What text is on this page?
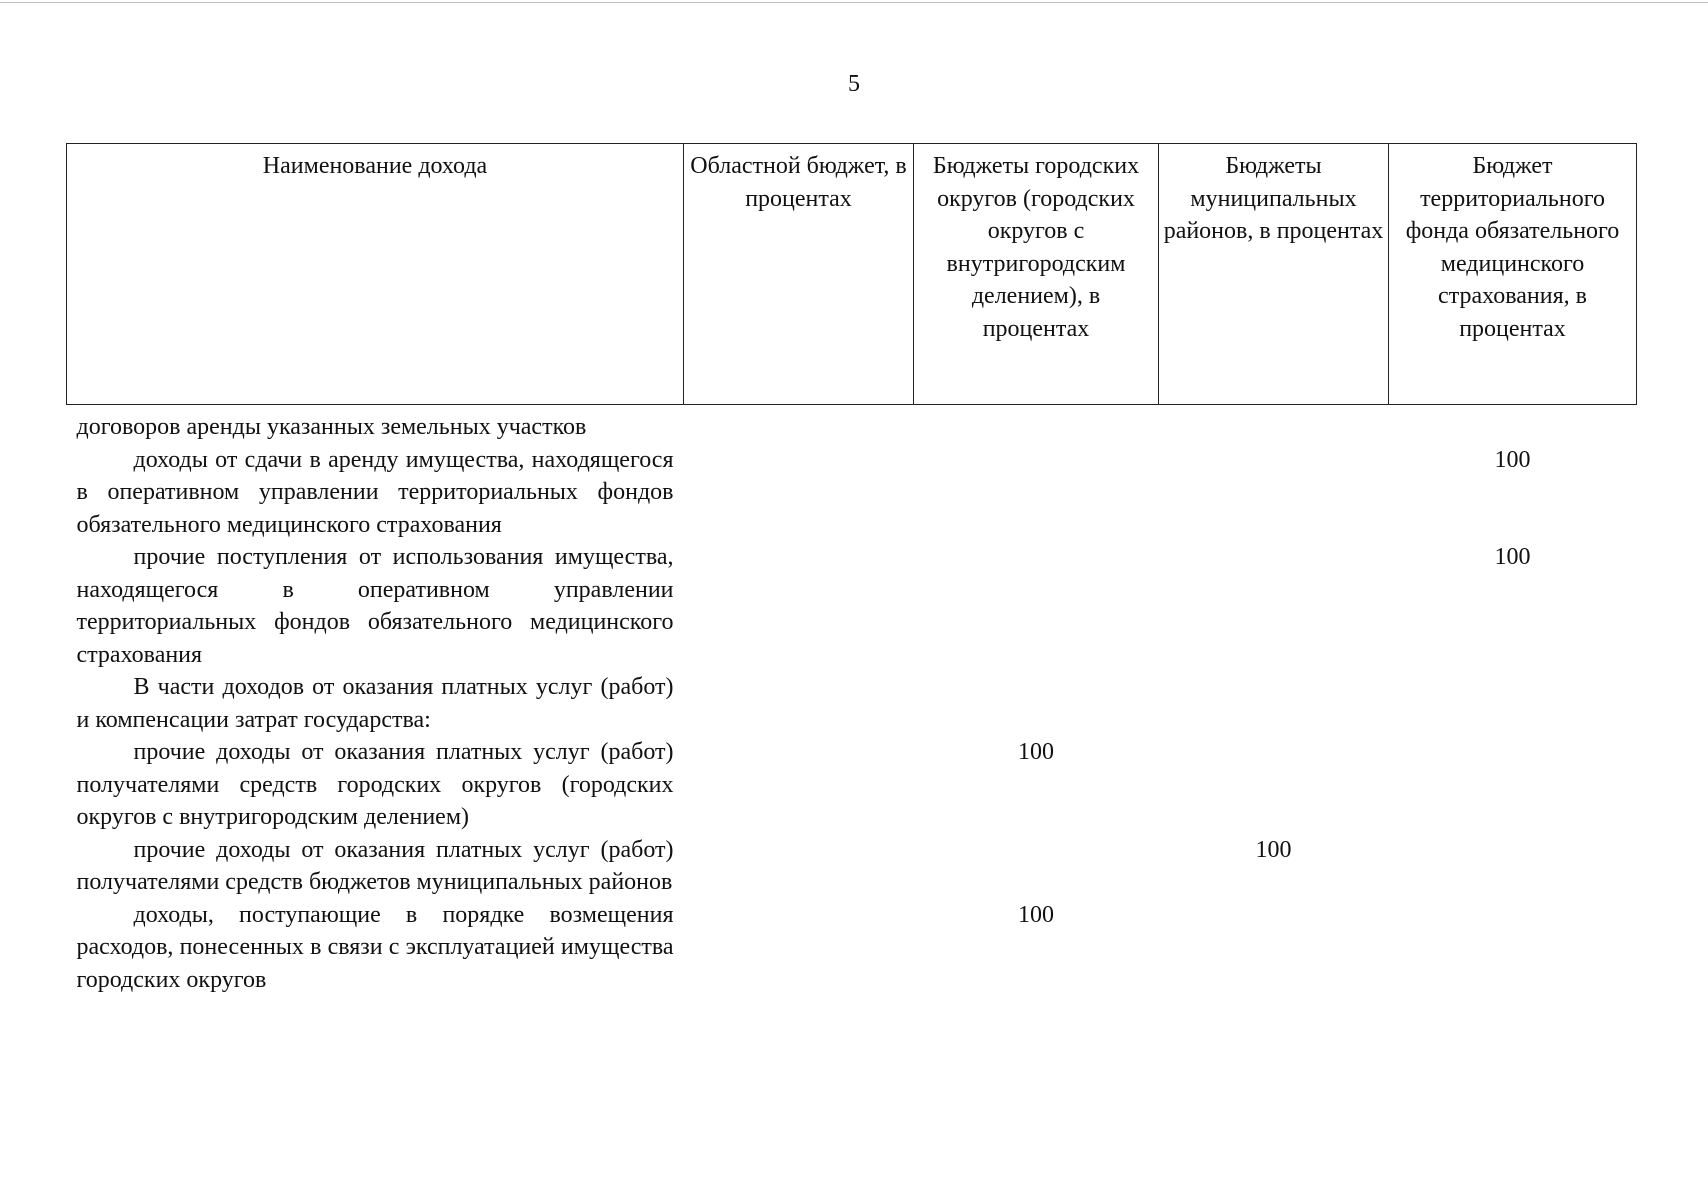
5
Наименование дохода	Областной бюджет, в процентах	Бюджеты городских округов (городских округов с внутригородским делением), в процентах	Бюджеты муниципальных районов, в процентах	Бюджет территориального фонда обязательного медицинского страхования, в процентах
договоров аренды указанных земельных участков				
доходы от сдачи в аренду имущества, находящегося в оперативном управлении территориальных фондов обязательного медицинского страхования				100
прочие поступления от использования имущества, находящегося в оперативном управлении территориальных фондов обязательного медицинского страхования				100
В части доходов от оказания платных услуг (работ) и компенсации затрат государства:				
прочие доходы от оказания платных услуг (работ) получателями средств городских округов (городских округов с внутригородским делением)		100		
прочие доходы от оказания платных услуг (работ) получателями средств бюджетов муниципальных районов			100	
доходы, поступающие в порядке возмещения расходов, понесенных в связи с эксплуатацией имущества городских округов		100		
